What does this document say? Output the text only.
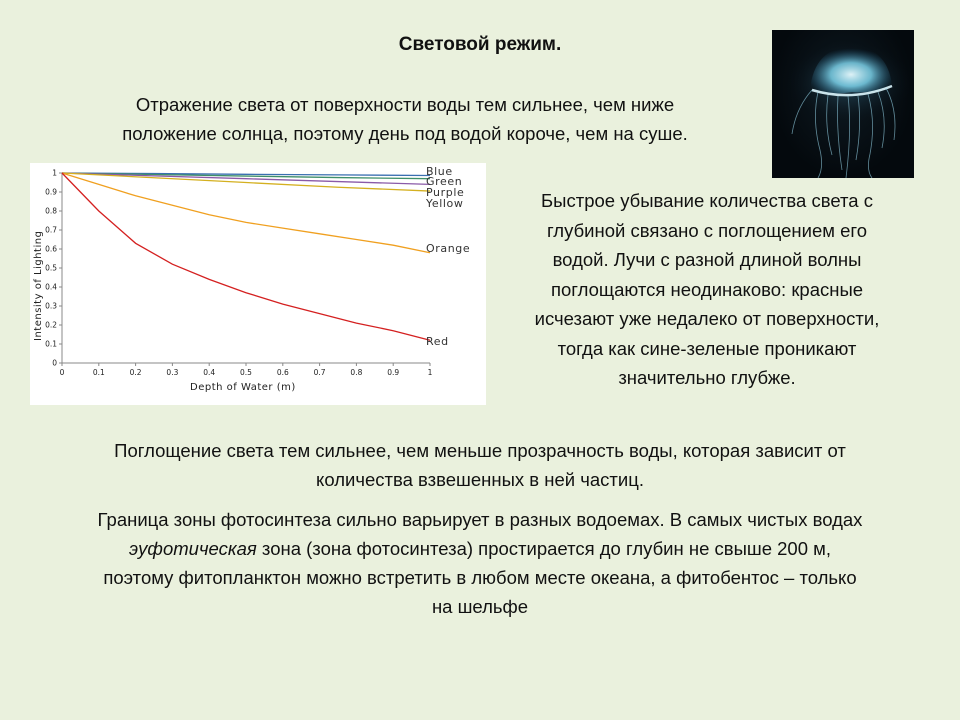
Световой режим.
Отражение света от поверхности воды тем сильнее, чем ниже
положение солнца, поэтому день под водой короче, чем на суше.
0	0.1	0.2	0.3	0.4	0.5	0.6	0.7	0.8	0.9	1
0
0.1
0.2
0.3
0.4
0.5
0.6
0.7
0.8
0.9
1	Blue
Green
Purple
Yellow
Orange
Red
Depth of Water (m)
Intensity of Lighting
Быстрое убывание количества света с
глубиной связано с поглощением его
водой. Лучи с разной длиной волны
поглощаются неодинаково: красные
исчезают уже недалеко от поверхности,
тогда как сине-зеленые проникают
значительно глубже.
Поглощение света тем сильнее, чем меньше прозрачность воды, которая зависит от
количества взвешенных в ней частиц.
Граница зоны фотосинтеза сильно варьирует в разных водоемах. В самых чистых водах
эуфотическая зона (зона фотосинтеза) простирается до глубин не свыше 200 м,
поэтому фитопланктон можно встретить в любом месте океана, а фитобентос – только
на шельфе
